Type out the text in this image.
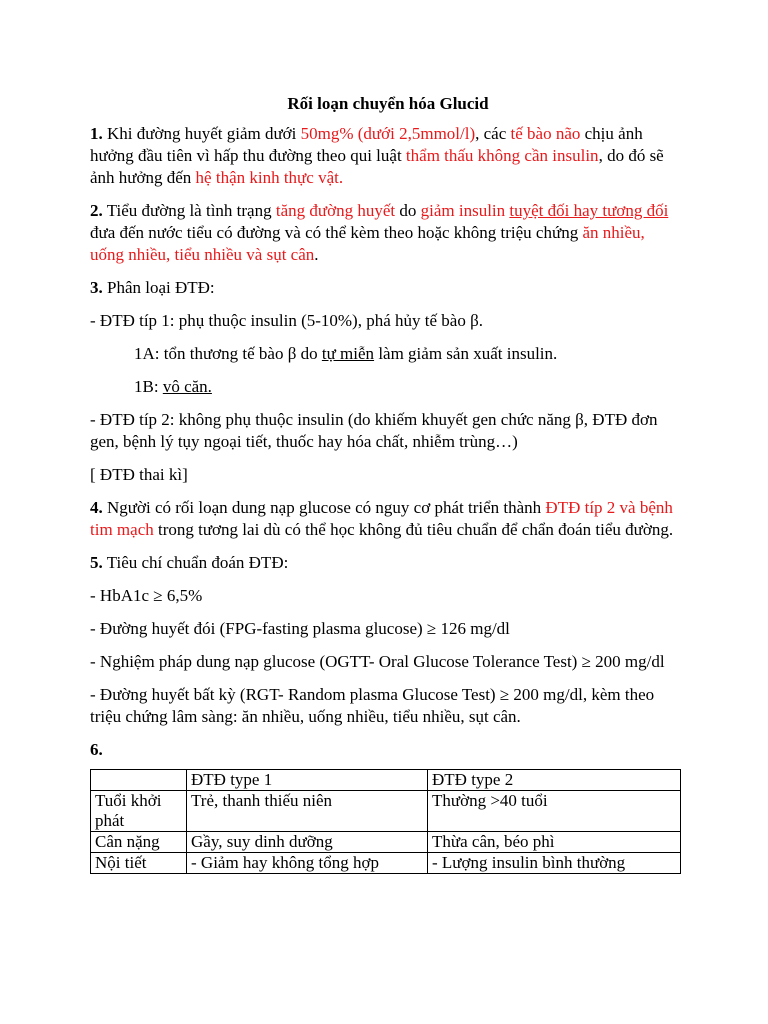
Rối loạn chuyển hóa Glucid

1. Khi đường huyết giảm dưới 50mg% (dưới 2,5mmol/l), các tế bào não chịu ảnh hưởng đầu tiên vì hấp thu đường theo qui luật thẩm thấu không cần insulin, do đó sẽ ảnh hưởng đến hệ thận kinh thực vật.

2. Tiểu đường là tình trạng tăng đường huyết do giảm insulin tuyệt đối hay tương đối đưa đến nước tiểu có đường và có thể kèm theo hoặc không triệu chứng ăn nhiều, uống nhiều, tiểu nhiều và sụt cân.

3. Phân loại ĐTĐ:

- ĐTĐ típ 1: phụ thuộc insulin (5-10%), phá hủy tế bào β.

1A: tổn thương tế bào β do tự miễn làm giảm sản xuất insulin.

1B: vô căn.

- ĐTĐ típ 2: không phụ thuộc insulin (do khiếm khuyết gen chức năng β, ĐTĐ đơn gen, bệnh lý tụy ngoại tiết, thuốc hay hóa chất, nhiễm trùng…)

[ ĐTĐ thai kì]

4. Người có rối loạn dung nạp glucose có nguy cơ phát triển thành ĐTĐ típ 2 và bệnh tim mạch trong tương lai dù có thể học không đủ tiêu chuẩn để chẩn đoán tiểu đường.

5. Tiêu chí chuẩn đoán ĐTĐ:

- HbA1c ≥ 6,5%

- Đường huyết đói (FPG-fasting plasma glucose) ≥ 126 mg/dl

- Nghiệm pháp dung nạp glucose (OGTT- Oral Glucose Tolerance Test) ≥ 200 mg/dl

- Đường huyết bất kỳ (RGT- Random plasma Glucose Test) ≥ 200 mg/dl, kèm theo triệu chứng lâm sàng: ăn nhiều, uống nhiều, tiểu nhiều, sụt cân.

6.

	ĐTĐ type 1	ĐTĐ type 2
Tuổi khởi phát	Trẻ, thanh thiếu niên	Thường >40 tuổi
Cân nặng	Gầy, suy dinh dưỡng	Thừa cân, béo phì
Nội tiết	- Giảm hay không tổng hợp	- Lượng insulin bình thường
